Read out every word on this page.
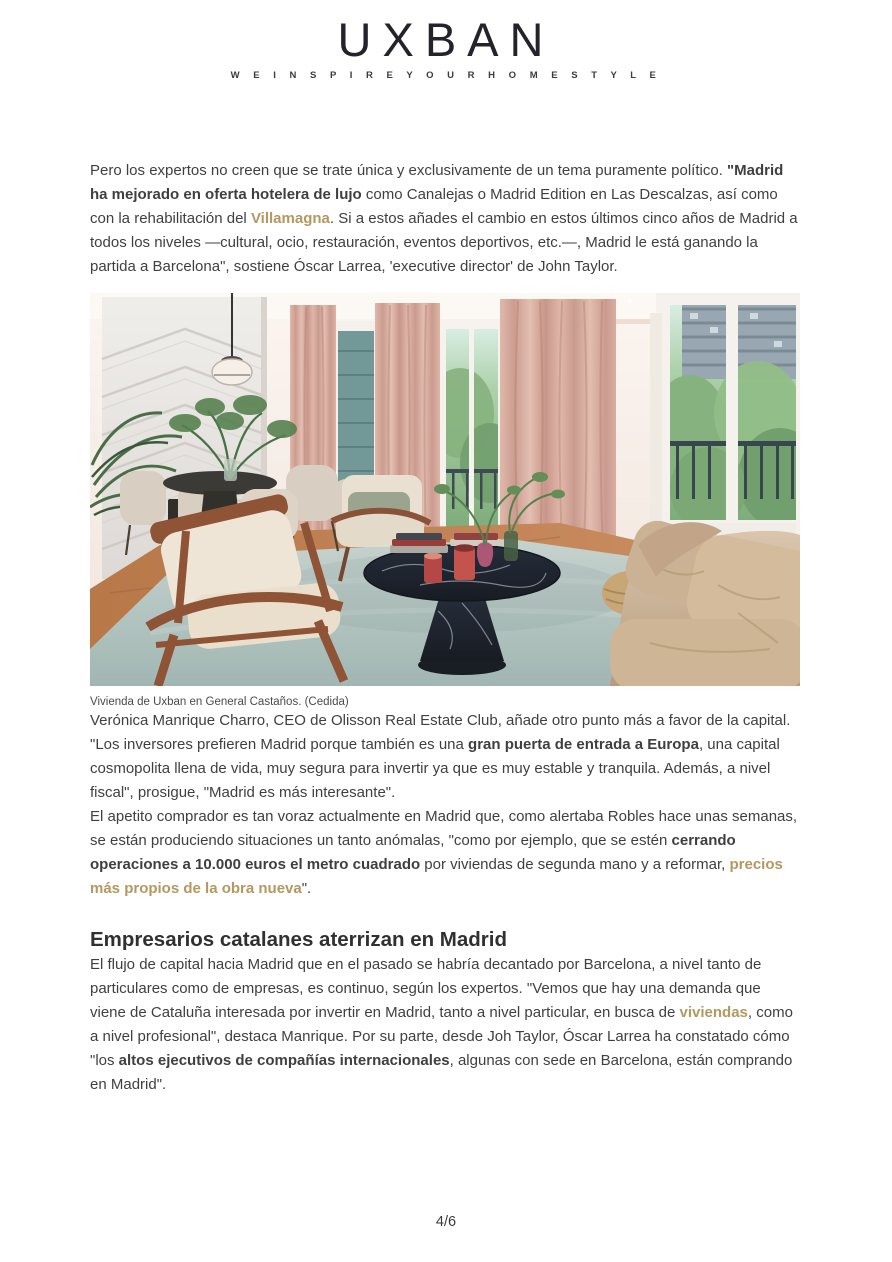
UXBAN
W E I N S P I R E Y O U R H O M E S T Y L E

Pero los expertos no creen que se trate única y exclusivamente de un tema puramente político. "Madrid ha mejorado en oferta hotelera de lujo como Canalejas o Madrid Edition en Las Descalzas, así como con la rehabilitación del Villamagna. Si a estos añades el cambio en estos últimos cinco años de Madrid a todos los niveles —cultural, ocio, restauración, eventos deportivos, etc.—, Madrid le está ganando la partida a Barcelona", sostiene Óscar Larrea, 'executive director' de John Taylor.

Vivienda de Uxban en General Castaños. (Cedida)

Verónica Manrique Charro, CEO de Olisson Real Estate Club, añade otro punto más a favor de la capital. "Los inversores prefieren Madrid porque también es una gran puerta de entrada a Europa, una capital cosmopolita llena de vida, muy segura para invertir ya que es muy estable y tranquila. Además, a nivel fiscal", prosigue, "Madrid es más interesante".

El apetito comprador es tan voraz actualmente en Madrid que, como alertaba Robles hace unas semanas, se están produciendo situaciones un tanto anómalas, "como por ejemplo, que se estén cerrando operaciones a 10.000 euros el metro cuadrado por viviendas de segunda mano y a reformar, precios más propios de la obra nueva".

Empresarios catalanes aterrizan en Madrid

El flujo de capital hacia Madrid que en el pasado se habría decantado por Barcelona, a nivel tanto de particulares como de empresas, es continuo, según los expertos. "Vemos que hay una demanda que viene de Cataluña interesada por invertir en Madrid, tanto a nivel particular, en busca de viviendas, como a nivel profesional", destaca Manrique. Por su parte, desde Joh Taylor, Óscar Larrea ha constatado cómo "los altos ejecutivos de compañías internacionales, algunas con sede en Barcelona, están comprando en Madrid".

4/6
